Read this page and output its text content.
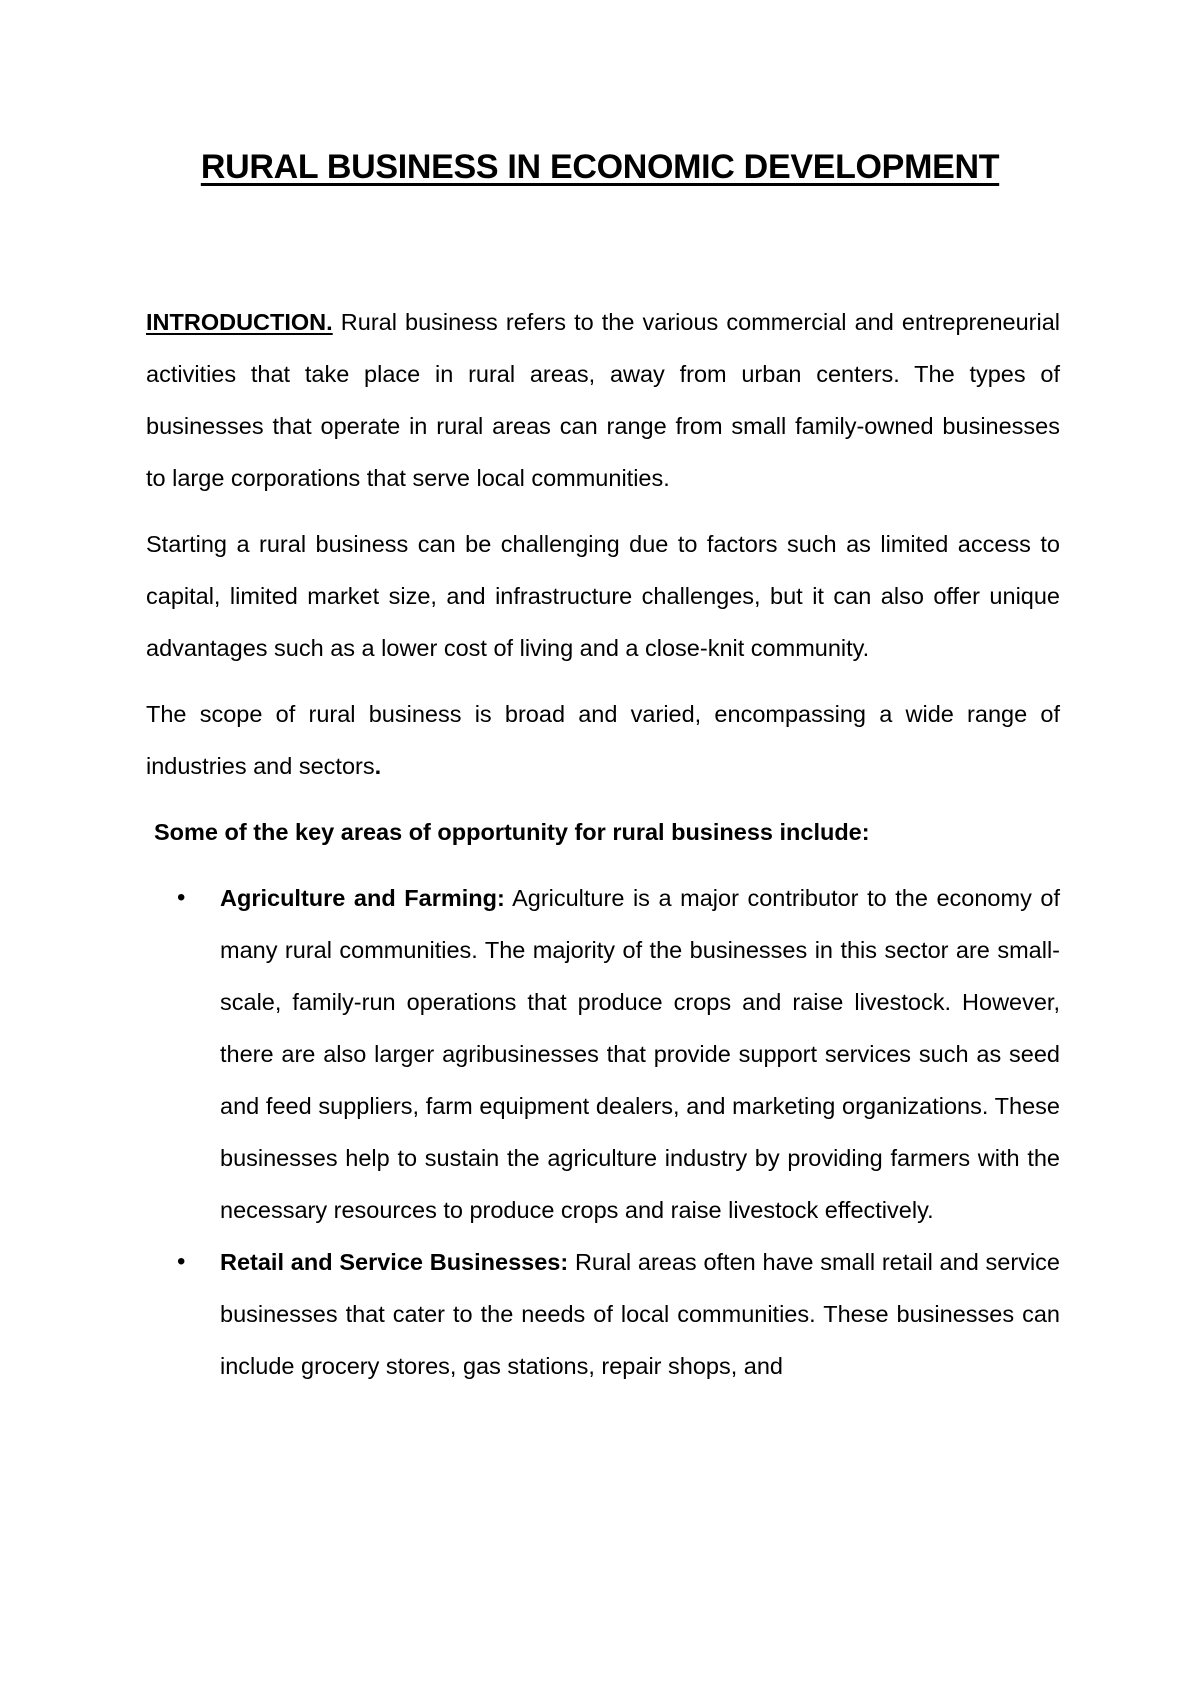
RURAL BUSINESS IN ECONOMIC DEVELOPMENT

INTRODUCTION. Rural business refers to the various commercial and entrepreneurial activities that take place in rural areas, away from urban centers. The types of businesses that operate in rural areas can range from small family-owned businesses to large corporations that serve local communities.

Starting a rural business can be challenging due to factors such as limited access to capital, limited market size, and infrastructure challenges, but it can also offer unique advantages such as a lower cost of living and a close-knit community.

The scope of rural business is broad and varied, encompassing a wide range of industries and sectors.

Some of the key areas of opportunity for rural business include:

• Agriculture and Farming: Agriculture is a major contributor to the economy of many rural communities. The majority of the businesses in this sector are small-scale, family-run operations that produce crops and raise livestock. However, there are also larger agribusinesses that provide support services such as seed and feed suppliers, farm equipment dealers, and marketing organizations. These businesses help to sustain the agriculture industry by providing farmers with the necessary resources to produce crops and raise livestock effectively.
• Retail and Service Businesses: Rural areas often have small retail and service businesses that cater to the needs of local communities. These businesses can include grocery stores, gas stations, repair shops, and
